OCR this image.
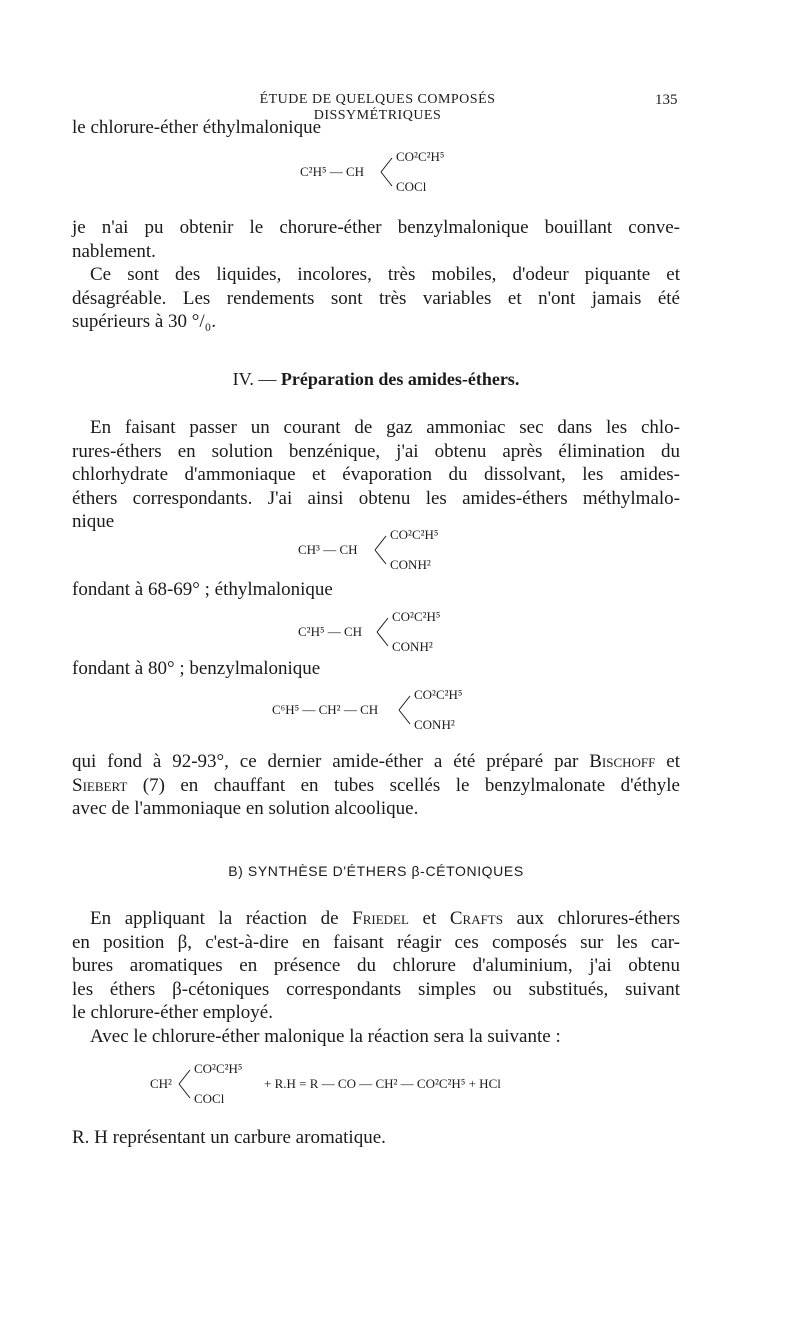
ÉTUDE DE QUELQUES COMPOSÉS DISSYMÉTRIQUES
135
le chlorure-éther éthylmalonique
C²H⁵ — CH
CO²C²H⁵
COCl
je n'ai pu obtenir le chorure-éther benzylmalonique bouillant conve-
nablement.
Ce sont des liquides, incolores, très mobiles, d'odeur piquante et
désagréable. Les rendements sont très variables et n'ont jamais été
supérieurs à 30 °/₀.
IV. — Préparation des amides-éthers.
En faisant passer un courant de gaz ammoniac sec dans les chlo-
rures-éthers en solution benzénique, j'ai obtenu après élimination du
chlorhydrate d'ammoniaque et évaporation du dissolvant, les amides-
éthers correspondants. J'ai ainsi obtenu les amides-éthers méthylmalo-
nique
CH³ — CH
CO²C²H⁵
CONH²
fondant à 68-69° ; éthylmalonique
C²H⁵ — CH
CO²C²H⁵
CONH²
fondant à 80° ; benzylmalonique
C⁶H⁵ — CH² — CH
CO²C²H⁵
CONH²
qui fond à 92-93°, ce dernier amide-éther a été préparé par Bischoff et
Siebert (7) en chauffant en tubes scellés le benzylmalonate d'éthyle
avec de l'ammoniaque en solution alcoolique.
B) SYNTHÈSE D'ÉTHERS β-CÉTONIQUES
En appliquant la réaction de Friedel et Crafts aux chlorures-éthers
en position β, c'est-à-dire en faisant réagir ces composés sur les car-
bures aromatiques en présence du chlorure d'aluminium, j'ai obtenu
les éthers β-cétoniques correspondants simples ou substitués, suivant
le chlorure-éther employé.
Avec le chlorure-éther malonique la réaction sera la suivante :
CH²
CO²C²H⁵
COCl
+ R.H = R — CO — CH² — CO²C²H⁵ + HCl
R. H représentant un carbure aromatique.
